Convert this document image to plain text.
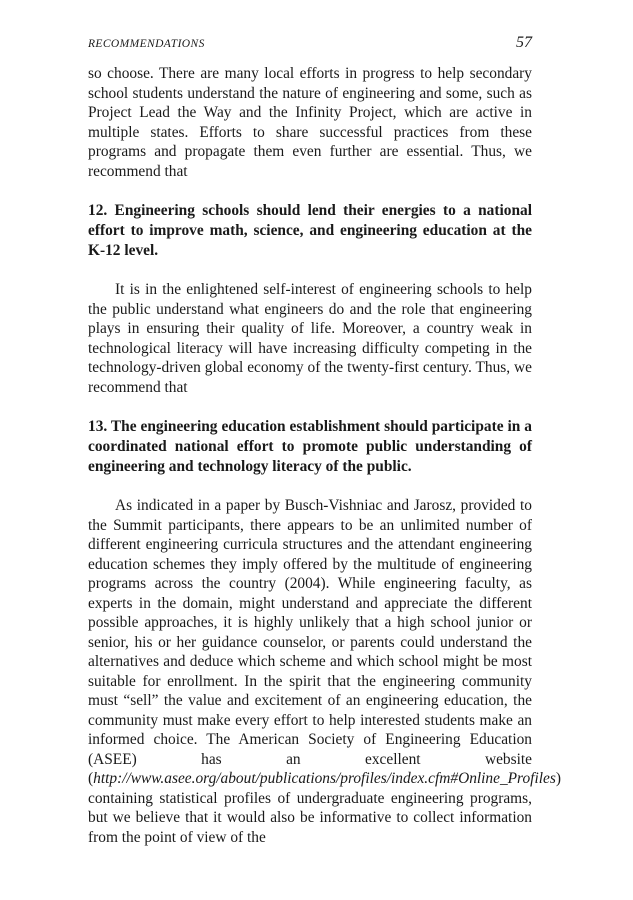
RECOMMENDATIONS	57

so choose. There are many local efforts in progress to help secondary school students understand the nature of engineering and some, such as Project Lead the Way and the Infinity Project, which are active in multiple states. Efforts to share successful practices from these programs and propagate them even further are essential. Thus, we recommend that

12. Engineering schools should lend their energies to a national effort to improve math, science, and engineering education at the K-12 level.

It is in the enlightened self-interest of engineering schools to help the public understand what engineers do and the role that engineering plays in ensuring their quality of life. Moreover, a country weak in technological literacy will have increasing difficulty competing in the technology-driven global economy of the twenty-first century. Thus, we recommend that

13. The engineering education establishment should participate in a coordinated national effort to promote public understanding of engineering and technology literacy of the public.

As indicated in a paper by Busch-Vishniac and Jarosz, provided to the Summit participants, there appears to be an unlimited number of different engineering curricula structures and the attendant engineering education schemes they imply offered by the multitude of engineering programs across the country (2004). While engineering faculty, as experts in the domain, might understand and appreciate the different possible approaches, it is highly unlikely that a high school junior or senior, his or her guidance counselor, or parents could understand the alternatives and deduce which scheme and which school might be most suitable for enrollment. In the spirit that the engineering community must “sell” the value and excitement of an engineering education, the community must make every effort to help interested students make an informed choice. The American Society of Engineering Education (ASEE) has an excellent website (http://www.asee.org/about/publications/profiles/index.cfm#Online_Profiles) containing statistical profiles of undergraduate engineering programs, but we believe that it would also be informative to collect information from the point of view of the
